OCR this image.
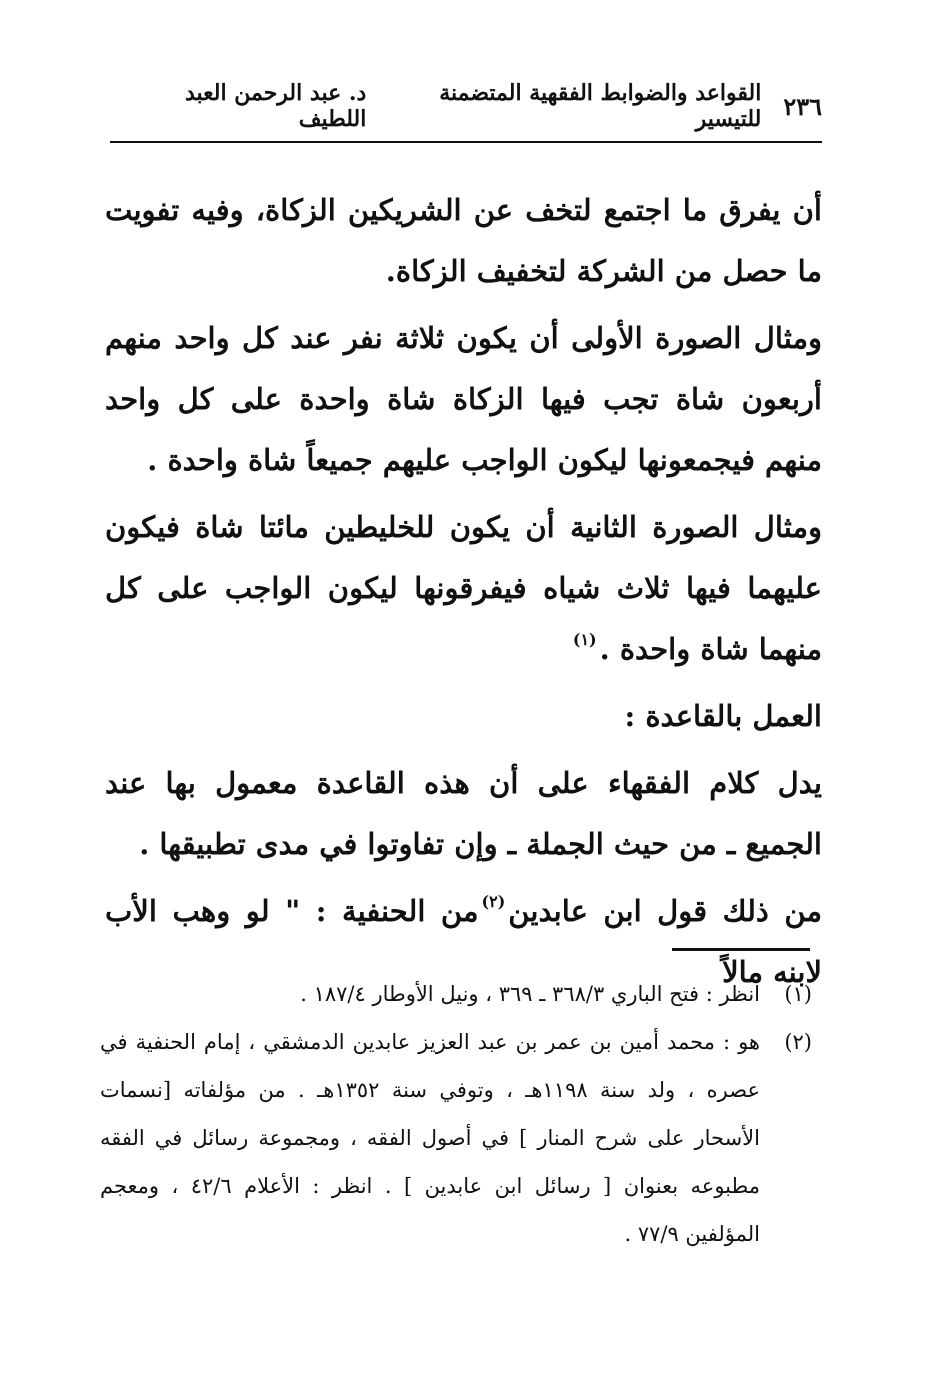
٢٣٦
القواعد والضوابط الفقهية المتضمنة للتيسير
د. عبد الرحمن العبد اللطيف

أن يفرق ما اجتمع لتخف عن الشريكين الزكاة، وفيه تفويت ما حصل من الشركة لتخفيف الزكاة.

ومثال الصورة الأولى أن يكون ثلاثة نفر عند كل واحد منهم أربعون شاة تجب فيها الزكاة شاة واحدة على كل واحد منهم فيجمعونها ليكون الواجب عليهم جميعاً شاة واحدة .

ومثال الصورة الثانية أن يكون للخليطين مائتا شاة فيكون عليهما فيها ثلاث شياه فيفرقونها ليكون الواجب على كل منهما شاة واحدة .$^{(١)}$

العمل بالقاعدة :

يدل كلام الفقهاء على أن هذه القاعدة معمول بها عند الجميع ـ من حيث الجملة ـ وإن تفاوتوا في مدى تطبيقها .

من ذلك قول ابن عابدين$^{(٢)}$من الحنفية : " لو وهب الأب لابنه مالاً

(١)
انظر : فتح الباري ٣٦٨/٣ ـ ٣٦٩ ، ونيل الأوطار ١٨٧/٤ .
(٢)
هو : محمد أمين بن عمر بن عبد العزيز عابدين الدمشقي ، إمام الحنفية في عصره ، ولد سنة ١١٩٨هـ ، وتوفي سنة ١٣٥٢هـ . من مؤلفاته [نسمات الأسحار على شرح المنار ] في أصول الفقه ، ومجموعة رسائل في الفقه مطبوعه بعنوان [ رسائل ابن عابدين ] . انظر : الأعلام ٤٢/٦ ، ومعجم المؤلفين ٧٧/٩ .
